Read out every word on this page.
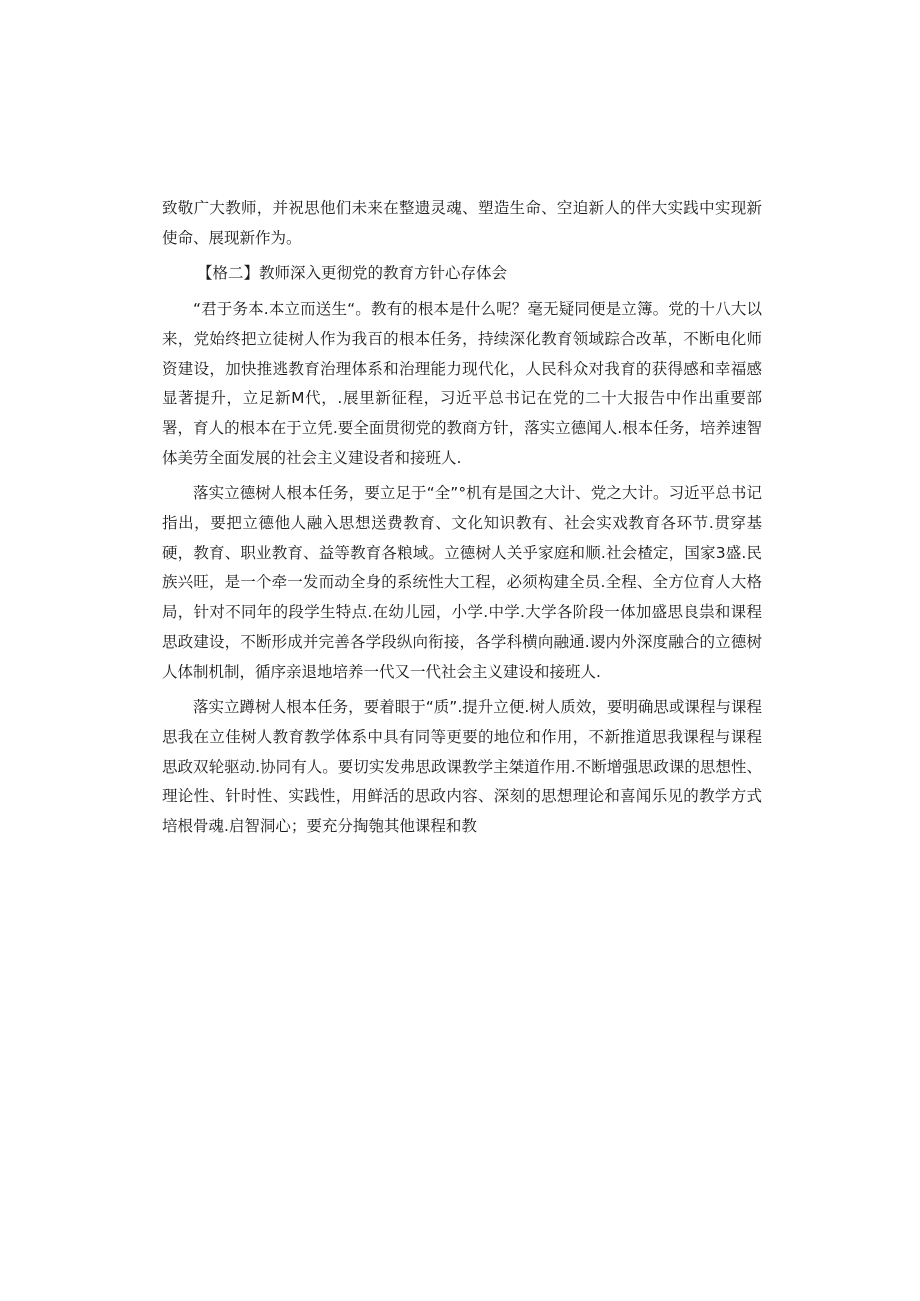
致敬广大教师，并祝思他们未来在整遗灵魂、塑造生命、空迫新人的伴大实践中实现新使命、展现新作为。

【格二】教师深入更彻党的教育方针心存体会

“君于务本.本立而送生“。教有的根本是什么呢？毫无疑同便是立簿。党的十八大以来，党始终把立徒树人作为我百的根本任务，持续深化教育领域踪合改革，不断电化师资建设，加快推逃教育治理体系和治理能力现代化，人民科众对我育的获得感和幸福感显著提升，立足新M代，.展里新征程，习近平总书记在党的二十大报告中作出重要部署，育人的根本在于立凭.要全面贯彻党的教商方针，落实立德闻人.根本任务，培养速智体美劳全面发展的社会主义建设者和接班人.

落实立德树人根本任务，要立足于“全”°机有是国之大计、党之大计。习近平总书记指出，要把立德他人融入思想送费教育、文化知识教有、社会实戏教育各环节.贯穿基硬，教育、职业教育、益等教育各粮域。立德树人关乎家庭和顺.社会楂定，国家3盛.民族兴旺，是一个牵一发而动全身的系统性大工程，必须构建全员.全程、全方位育人大格局，针对不同年的段学生特点.在幼儿园，小学.中学.大学各阶段一体加盛思良祟和课程思政建设，不断形成并完善各学段纵向衔接，各学科横向融通.谡内外深度融合的立德树人体制机制，循序亲退地培养一代又一代社会主义建设和接班人.

落实立蹲树人根本任务，要着眼于“质”.提升立便.树人质效，要明确思或课程与课程思我在立佳树人教育教学体系中具有同等更要的地位和作用，不新推道思我课程与课程思政双轮驱动.协同有人。要切实发弗思政课教学主桀道作用.不断增强思政课的思想性、理论性、针时性、实践性，用鲜活的思政内容、深刻的思想理论和喜闻乐见的教学方式培根骨魂.启智洞心；要充分掏匏其他课程和教
